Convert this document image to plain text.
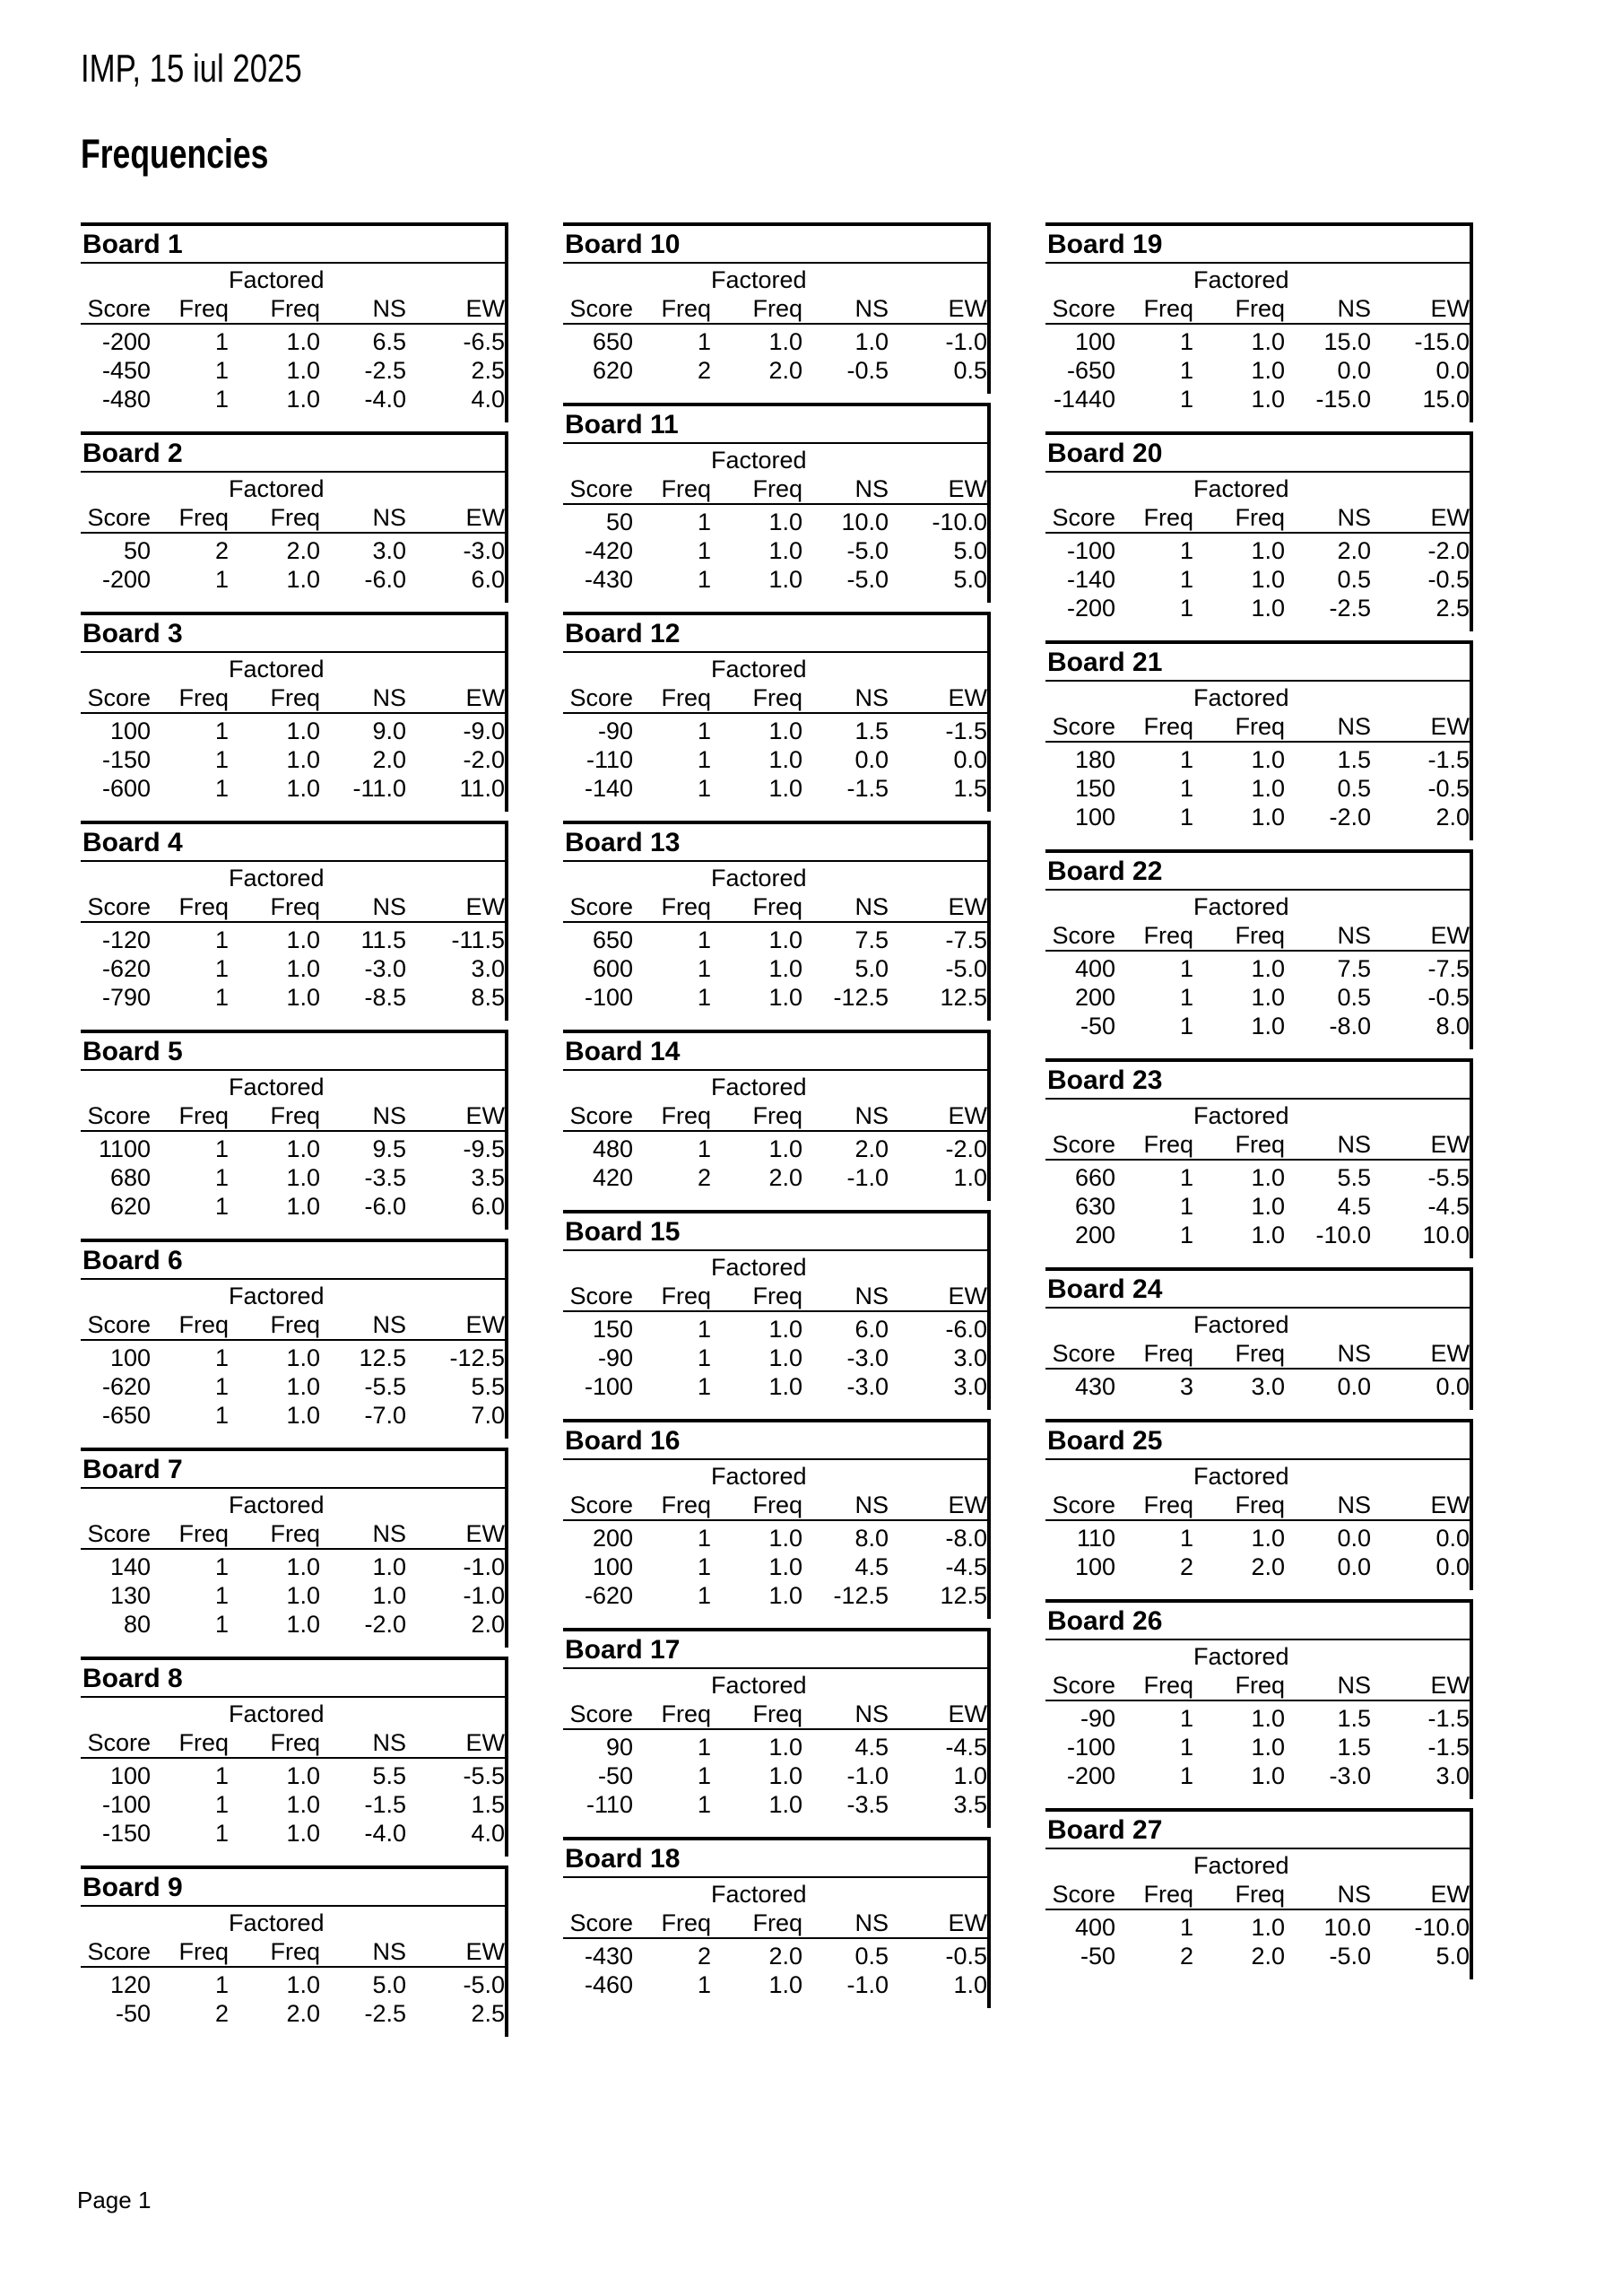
IMP, 15 iul 2025
Frequencies
Board 1
		Factored		
Score	Freq	Freq	NS	EW
-200	1	1.0	6.5	-6.5
-450	1	1.0	-2.5	2.5
-480	1	1.0	-4.0	4.0
Board 2
		Factored		
Score	Freq	Freq	NS	EW
50	2	2.0	3.0	-3.0
-200	1	1.0	-6.0	6.0
Board 3
		Factored		
Score	Freq	Freq	NS	EW
100	1	1.0	9.0	-9.0
-150	1	1.0	2.0	-2.0
-600	1	1.0	-11.0	11.0
Board 4
		Factored		
Score	Freq	Freq	NS	EW
-120	1	1.0	11.5	-11.5
-620	1	1.0	-3.0	3.0
-790	1	1.0	-8.5	8.5
Board 5
		Factored		
Score	Freq	Freq	NS	EW
1100	1	1.0	9.5	-9.5
680	1	1.0	-3.5	3.5
620	1	1.0	-6.0	6.0
Board 6
		Factored		
Score	Freq	Freq	NS	EW
100	1	1.0	12.5	-12.5
-620	1	1.0	-5.5	5.5
-650	1	1.0	-7.0	7.0
Board 7
		Factored		
Score	Freq	Freq	NS	EW
140	1	1.0	1.0	-1.0
130	1	1.0	1.0	-1.0
80	1	1.0	-2.0	2.0
Board 8
		Factored		
Score	Freq	Freq	NS	EW
100	1	1.0	5.5	-5.5
-100	1	1.0	-1.5	1.5
-150	1	1.0	-4.0	4.0
Board 9
		Factored		
Score	Freq	Freq	NS	EW
120	1	1.0	5.0	-5.0
-50	2	2.0	-2.5	2.5
Board 10
		Factored		
Score	Freq	Freq	NS	EW
650	1	1.0	1.0	-1.0
620	2	2.0	-0.5	0.5
Board 11
		Factored		
Score	Freq	Freq	NS	EW
50	1	1.0	10.0	-10.0
-420	1	1.0	-5.0	5.0
-430	1	1.0	-5.0	5.0
Board 12
		Factored		
Score	Freq	Freq	NS	EW
-90	1	1.0	1.5	-1.5
-110	1	1.0	0.0	0.0
-140	1	1.0	-1.5	1.5
Board 13
		Factored		
Score	Freq	Freq	NS	EW
650	1	1.0	7.5	-7.5
600	1	1.0	5.0	-5.0
-100	1	1.0	-12.5	12.5
Board 14
		Factored		
Score	Freq	Freq	NS	EW
480	1	1.0	2.0	-2.0
420	2	2.0	-1.0	1.0
Board 15
		Factored		
Score	Freq	Freq	NS	EW
150	1	1.0	6.0	-6.0
-90	1	1.0	-3.0	3.0
-100	1	1.0	-3.0	3.0
Board 16
		Factored		
Score	Freq	Freq	NS	EW
200	1	1.0	8.0	-8.0
100	1	1.0	4.5	-4.5
-620	1	1.0	-12.5	12.5
Board 17
		Factored		
Score	Freq	Freq	NS	EW
90	1	1.0	4.5	-4.5
-50	1	1.0	-1.0	1.0
-110	1	1.0	-3.5	3.5
Board 18
		Factored		
Score	Freq	Freq	NS	EW
-430	2	2.0	0.5	-0.5
-460	1	1.0	-1.0	1.0
Board 19
		Factored		
Score	Freq	Freq	NS	EW
100	1	1.0	15.0	-15.0
-650	1	1.0	0.0	0.0
-1440	1	1.0	-15.0	15.0
Board 20
		Factored		
Score	Freq	Freq	NS	EW
-100	1	1.0	2.0	-2.0
-140	1	1.0	0.5	-0.5
-200	1	1.0	-2.5	2.5
Board 21
		Factored		
Score	Freq	Freq	NS	EW
180	1	1.0	1.5	-1.5
150	1	1.0	0.5	-0.5
100	1	1.0	-2.0	2.0
Board 22
		Factored		
Score	Freq	Freq	NS	EW
400	1	1.0	7.5	-7.5
200	1	1.0	0.5	-0.5
-50	1	1.0	-8.0	8.0
Board 23
		Factored		
Score	Freq	Freq	NS	EW
660	1	1.0	5.5	-5.5
630	1	1.0	4.5	-4.5
200	1	1.0	-10.0	10.0
Board 24
		Factored		
Score	Freq	Freq	NS	EW
430	3	3.0	0.0	0.0
Board 25
		Factored		
Score	Freq	Freq	NS	EW
110	1	1.0	0.0	0.0
100	2	2.0	0.0	0.0
Board 26
		Factored		
Score	Freq	Freq	NS	EW
-90	1	1.0	1.5	-1.5
-100	1	1.0	1.5	-1.5
-200	1	1.0	-3.0	3.0
Board 27
		Factored		
Score	Freq	Freq	NS	EW
400	1	1.0	10.0	-10.0
-50	2	2.0	-5.0	5.0
Page 1
